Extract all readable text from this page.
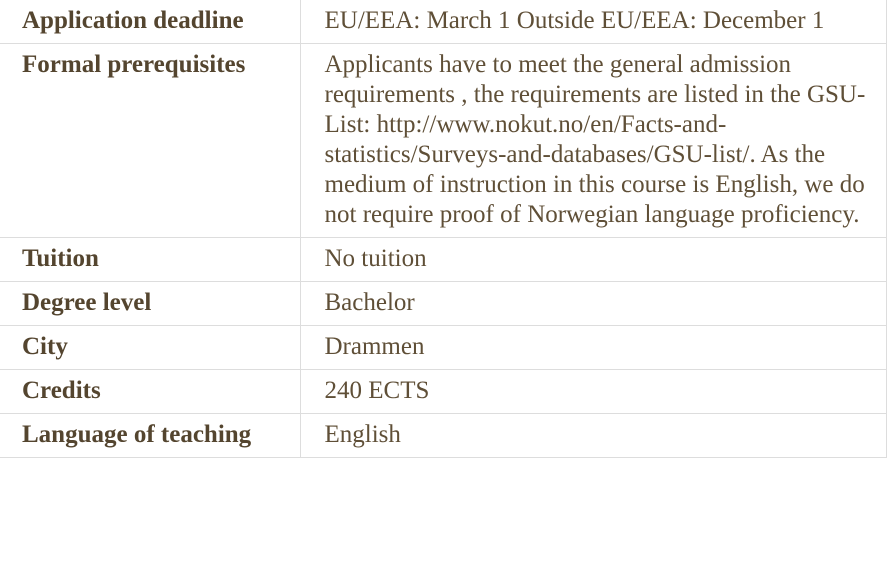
Application deadline	EU/EEA: March 1 Outside EU/EEA: December 1
Formal prerequisites	Applicants have to meet the general admission requirements , the requirements are listed in the GSU-List: http://www.nokut.no/en/Facts-and-statistics/Surveys-and-databases/GSU-list/. As the medium of instruction in this course is English, we do not require proof of Norwegian language proficiency.
Tuition	No tuition
Degree level	Bachelor
City	Drammen
Credits	240 ECTS
Language of teaching	English
